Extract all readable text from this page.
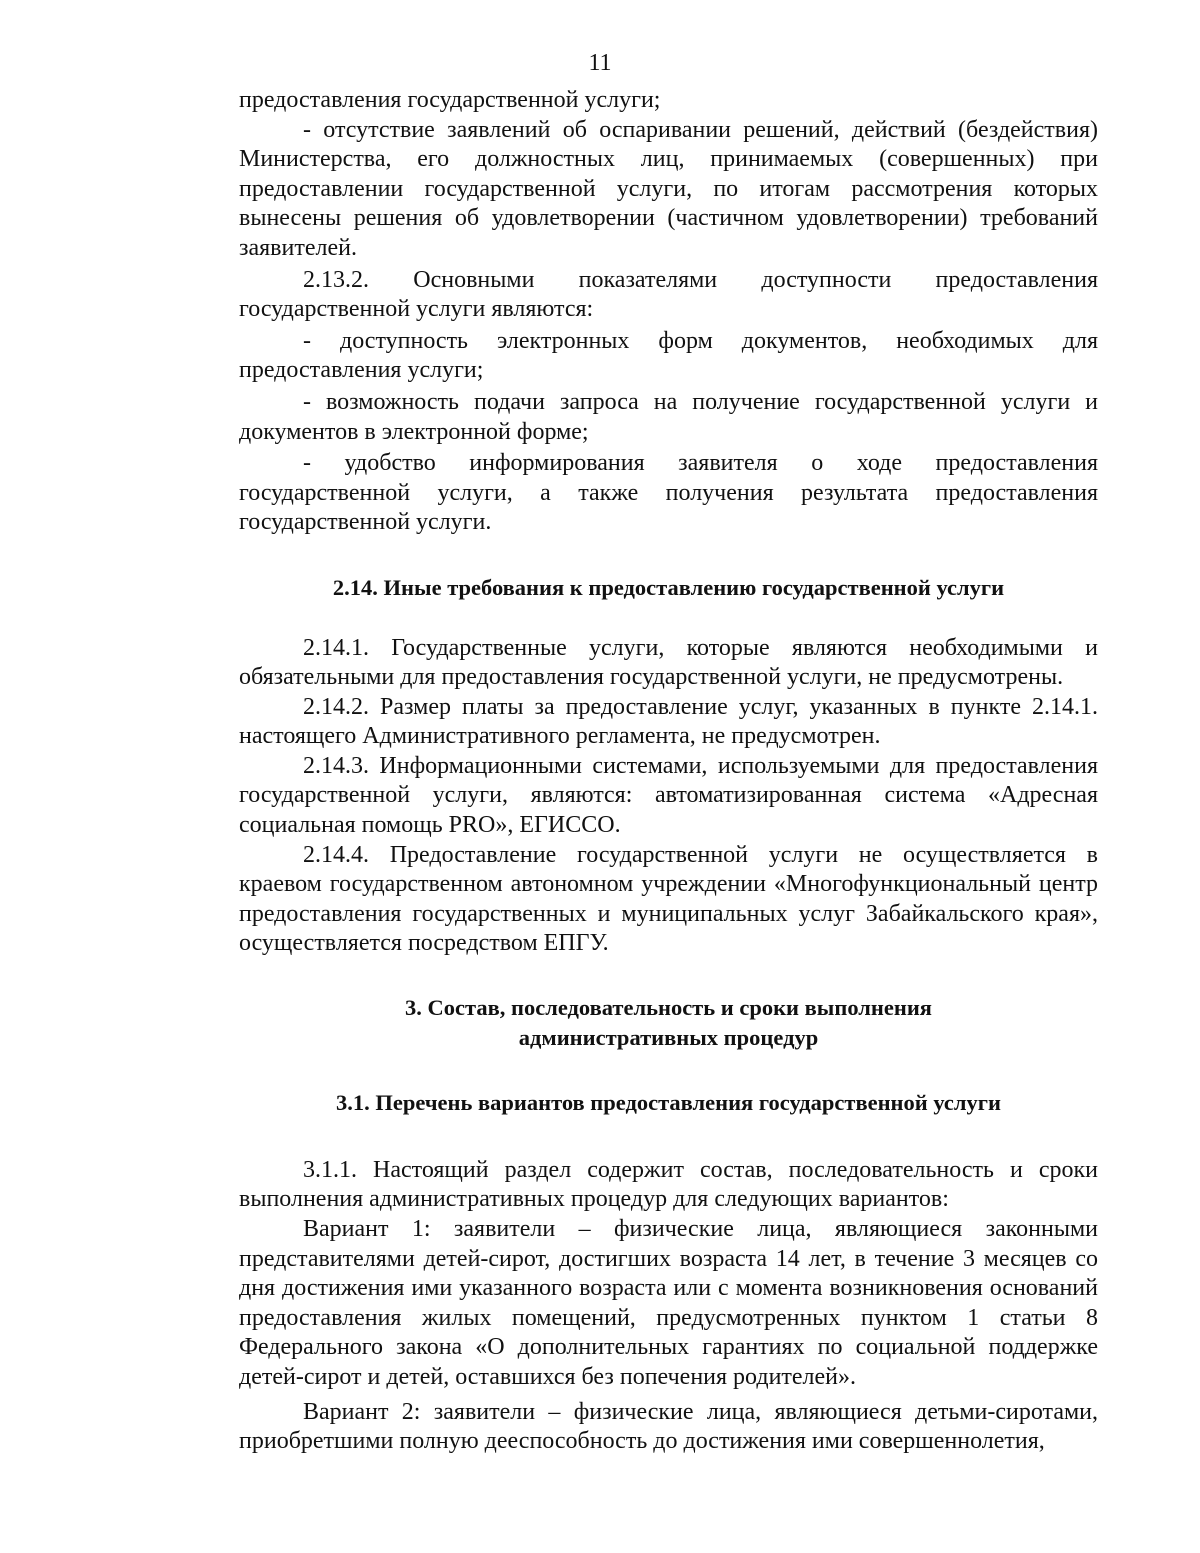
11

предоставления государственной услуги;

- отсутствие заявлений об оспаривании решений, действий (бездействия) Министерства, его должностных лиц, принимаемых (совершенных) при предоставлении государственной услуги, по итогам рассмотрения которых вынесены решения об удовлетворении (частичном удовлетворении) требований заявителей.

2.13.2. Основными показателями доступности предоставления государственной услуги являются:

- доступность электронных форм документов, необходимых для предоставления услуги;

- возможность подачи запроса на получение государственной услуги и документов в электронной форме;

- удобство информирования заявителя о ходе предоставления государственной услуги, а также получения результата предоставления государственной услуги.

2.14. Иные требования к предоставлению государственной услуги

2.14.1. Государственные услуги, которые являются необходимыми и обязательными для предоставления государственной услуги, не предусмотрены.

2.14.2. Размер платы за предоставление услуг, указанных в пункте 2.14.1. настоящего Административного регламента, не предусмотрен.

2.14.3. Информационными системами, используемыми для предоставления государственной услуги, являются: автоматизированная система «Адресная социальная помощь PRO», ЕГИССО.

2.14.4. Предоставление государственной услуги не осуществляется в краевом государственном автономном учреждении «Многофункциональный центр предоставления государственных и муниципальных услуг Забайкальского края», осуществляется посредством ЕПГУ.

3. Состав, последовательность и сроки выполнения
административных процедур
3.1. Перечень вариантов предоставления государственной услуги

3.1.1. Настоящий раздел содержит состав, последовательность и сроки выполнения административных процедур для следующих вариантов:

Вариант 1: заявители – физические лица, являющиеся законными представителями детей-сирот, достигших возраста 14 лет, в течение 3 месяцев со дня достижения ими указанного возраста или с момента возникновения оснований предоставления жилых помещений, предусмотренных пунктом 1 статьи 8 Федерального закона «О дополнительных гарантиях по социальной поддержке детей-сирот и детей, оставшихся без попечения родителей».

Вариант 2: заявители – физические лица, являющиеся детьми-сиротами, приобретшими полную дееспособность до достижения ими совершеннолетия,
